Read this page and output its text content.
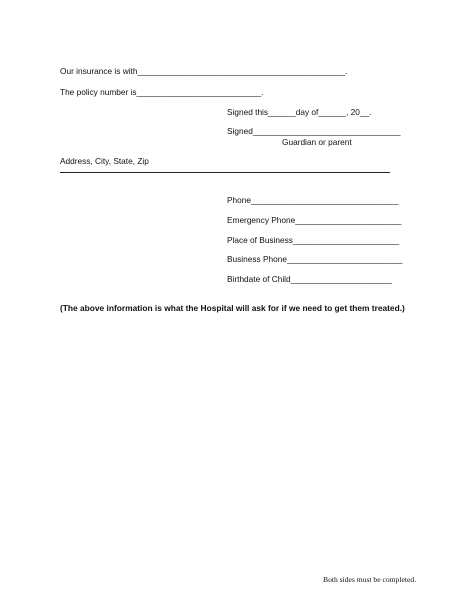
Our insurance is with_____________________________________________.
The policy number is___________________________.
Signed this______day of______, 20__.
Signed________________________________
Guardian or parent
Address, City, State, Zip
Phone________________________________
Emergency Phone_______________________
Place of Business_______________________
Business Phone_________________________
Birthdate of Child______________________
(The above information is what the Hospital will ask for if we need to get them treated.)
Both sides must be completed.
